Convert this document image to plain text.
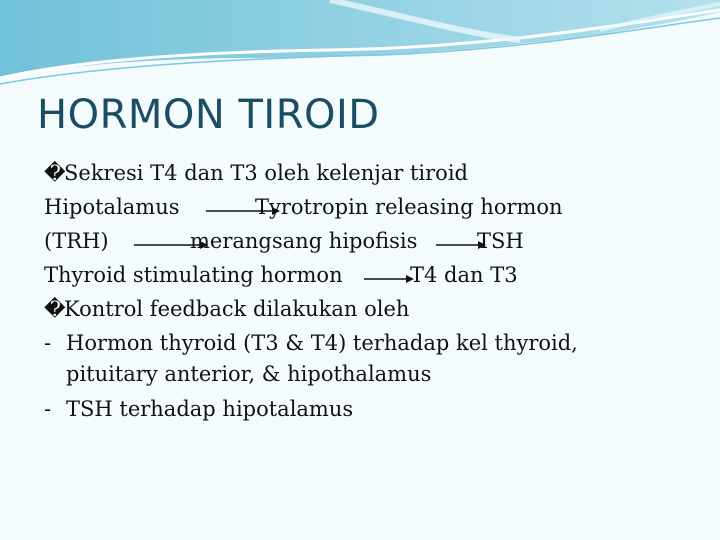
HORMON TIROID
�
Sekresi T4 dan T3 oleh kelenjar tiroid
Hipotalamus	Tyrotropin releasing hormon
(TRH)	merangsang hipofisis	TSH
Thyroid stimulating hormon	T4 dan T3
�
Kontrol feedback dilakukan oleh
- Hormon thyroid (T3 & T4) terhadap kel thyroid,
pituitary anterior, & hipothalamus
- TSH terhadap hipotalamus
